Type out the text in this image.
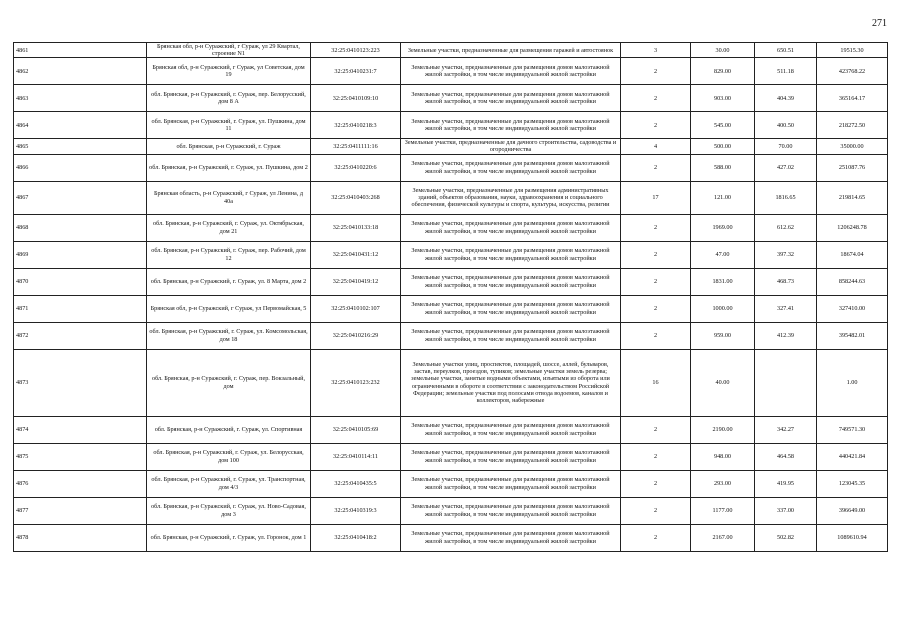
271
4861	Брянская обл, р-н Суражский, г Сураж, ул 29 Квартал, строение N1	32:25:0410123:223	Земельные участки, предназначенные для размещения гаражей и автостоянок	3	30.00	650.51	19515.30
4862	Брянская обл, р-н Суражский, г Сураж, ул Советская, дом 19	32:25:0410231:7	Земельные участки, предназначенные для размещения домов малоэтажной жилой застройки, в том числе индивидуальной жилой застройки	2	829.00	511.18	423768.22
4863	обл. Брянская, р-н Суражский, г. Сураж, пер. Белорусский, дом 8 А	32:25:0410109:10	Земельные участки, предназначенные для размещения домов малоэтажной жилой застройки, в том числе индивидуальной жилой застройки	2	903.00	404.39	365164.17
4864	обл. Брянская, р-н Суражский, г. Сураж, ул. Пушкина, дом 11	32:25:0410218:3	Земельные участки, предназначенные для размещения домов малоэтажной жилой застройки, в том числе индивидуальной жилой застройки	2	545.00	400.50	218272.50
4865	обл. Брянская, р-н Суражский, г. Сураж	32:25:0411111:16	Земельные участки, предназначенные для дачного строительства, садоводства и огородничества	4	500.00	70.00	35000.00
4866	обл. Брянская, р-н Суражский, г. Сураж, ул. Пушкина, дом 2	32:25:0410220:6	Земельные участки, предназначенные для размещения домов малоэтажной жилой застройки, в том числе индивидуальной жилой застройки	2	588.00	427.02	251087.76
4867	Брянская область, р-н Суражский, г Сураж, ул Ленина, д 40а	32:25:0410403:268	Земельные участки, предназначенные для размещения административных зданий, объектов образования, науки, здравоохранения и социального обеспечения, физической культуры и спорта, культуры, искусства, религии	17	121.00	1816.65	219814.65
4868	обл. Брянская, р-н Суражский, г. Сураж, ул. Октябрьская, дом 21	32:25:0410133:18	Земельные участки, предназначенные для размещения домов малоэтажной жилой застройки, в том числе индивидуальной жилой застройки	2	1969.00	612.62	1206248.78
4869	обл. Брянская, р-н Суражский, г. Сураж, пер. Рабочий, дом 12	32:25:0410431:12	Земельные участки, предназначенные для размещения домов малоэтажной жилой застройки, в том числе индивидуальной жилой застройки	2	47.00	397.32	18674.04
4870	обл. Брянская, р-н Суражский, г. Сураж, ул. 8 Марта, дом 2	32:25:0410419:12	Земельные участки, предназначенные для размещения домов малоэтажной жилой застройки, в том числе индивидуальной жилой застройки	2	1831.00	468.73	858244.63
4871	Брянская обл, р-н Суражский, г Сураж, ул Первомайская, 5	32:25:0410102:107	Земельные участки, предназначенные для размещения домов малоэтажной жилой застройки, в том числе индивидуальной жилой застройки	2	1000.00	327.41	327410.00
4872	обл. Брянская, р-н Суражский, г. Сураж, ул. Комсомольская, дом 18	32:25:0410216:29	Земельные участки, предназначенные для размещения домов малоэтажной жилой застройки, в том числе индивидуальной жилой застройки	2	959.00	412.39	395482.01
4873	обл. Брянская, р-н Суражский, г. Сураж, пер. Вокзальный, дом	32:25:0410123:232	Земельные участки улиц, проспектов, площадей, шоссе, аллей, бульваров, застав, переулков, проездов, тупиков; земельные участки земель резерва; земельные участки, занятые водными объектами, изъятыми из оборота или ограниченными в обороте в соответствии с законодательством Российской Федерации; земельные участки под полосами отвода водоемов, каналов и коллекторов, набережные	16	40.00		1.00
4874	обл. Брянская, р-н Суражский, г. Сураж, ул. Спортивная	32:25:0410105:69	Земельные участки, предназначенные для размещения домов малоэтажной жилой застройки, в том числе индивидуальной жилой застройки	2	2190.00	342.27	749571.30
4875	обл. Брянская, р-н Суражский, г. Сураж, ул. Белорусская, дом 100	32:25:0410114:11	Земельные участки, предназначенные для размещения домов малоэтажной жилой застройки, в том числе индивидуальной жилой застройки	2	948.00	464.58	440421.84
4876	обл. Брянская, р-н Суражский, г. Сураж, ул. Транспортная, дом 4/3	32:25:0410435:5	Земельные участки, предназначенные для размещения домов малоэтажной жилой застройки, в том числе индивидуальной жилой застройки	2	293.00	419.95	123045.35
4877	обл. Брянская, р-н Суражский, г. Сураж, ул. Ново-Садовая, дом 3	32:25:0410319:3	Земельные участки, предназначенные для размещения домов малоэтажной жилой застройки, в том числе индивидуальной жилой застройки	2	1177.00	337.00	396649.00
4878	обл. Брянская, р-н Суражский, г. Сураж, ул. Горонок, дом 1	32:25:0410418:2	Земельные участки, предназначенные для размещения домов малоэтажной жилой застройки, в том числе индивидуальной жилой застройки	2	2167.00	502.82	1089610.94
